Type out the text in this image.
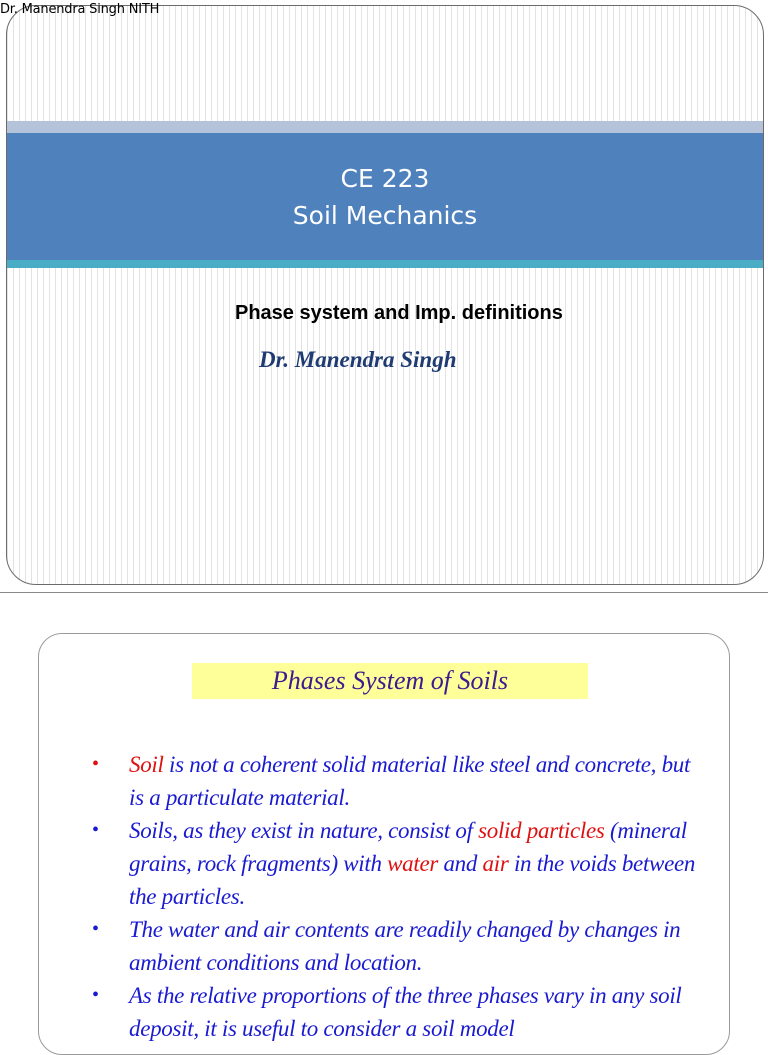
Dr. Manendra Singh NITH
CE 223
Soil Mechanics
Phase system and Imp. definitions
Dr. Manendra Singh
Phases System of Soils
• Soil is not a coherent solid material like steel and concrete, but is a particulate material.
• Soils, as they exist in nature, consist of solid particles (mineral grains, rock fragments) with water and air in the voids between the particles.
• The water and air contents are readily changed by changes in ambient conditions and location.
• As the relative proportions of the three phases vary in any soil deposit, it is useful to consider a soil model
